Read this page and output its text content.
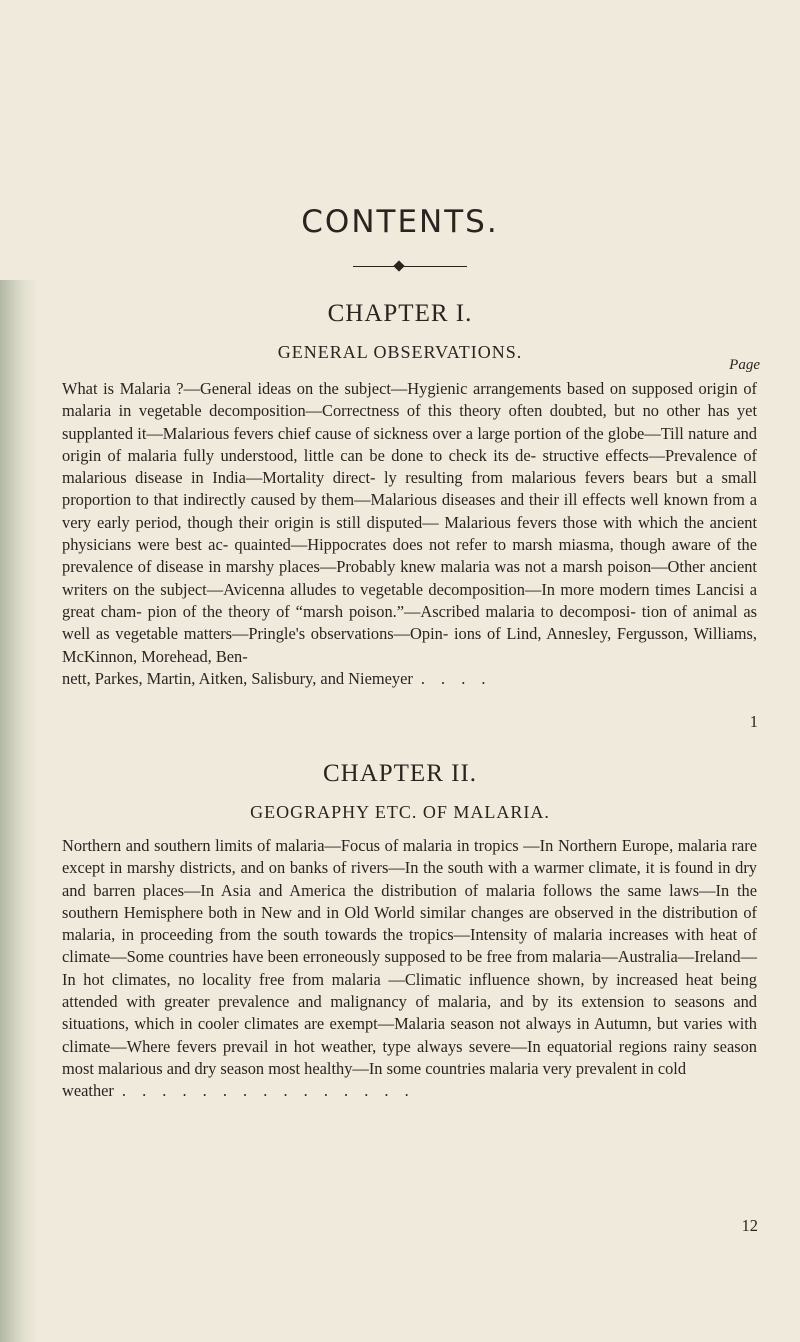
CONTENTS.
CHAPTER I.
GENERAL OBSERVATIONS.
Page
What is Malaria ?—General ideas on the subject—Hygienic arrangements based on supposed origin of malaria in vegetable decomposition—Correctness of this theory often doubted, but no other has yet supplanted it—Malarious fevers chief cause of sickness over a large portion of the globe—Till nature and origin of malaria fully understood, little can be done to check its de- structive effects—Prevalence of malarious disease in India—Mortality direct- ly resulting from malarious fevers bears but a small proportion to that indirectly caused by them—Malarious diseases and their ill effects well known from a very early period, though their origin is still disputed— Malarious fevers those with which the ancient physicians were best ac- quainted—Hippocrates does not refer to marsh miasma, though aware of the prevalence of disease in marshy places—Probably knew malaria was not a marsh poison—Other ancient writers on the subject—Avicenna alludes to vegetable decomposition—In more modern times Lancisi a great cham- pion of the theory of “marsh poison.”—Ascribed malaria to decomposi- tion of animal as well as vegetable matters—Pringle's observations—Opin- ions of Lind, Annesley, Fergusson, Williams, McKinnon, Morehead, Ben-
nett, Parkes, Martin, Aitken, Salisbury, and Niemeyer . . . .
1
CHAPTER II.
GEOGRAPHY ETC. OF MALARIA.
Northern and southern limits of malaria—Focus of malaria in tropics —In Northern Europe, malaria rare except in marshy districts, and on banks of rivers—In the south with a warmer climate, it is found in dry and barren places—In Asia and America the distribution of malaria follows the same laws—In the southern Hemisphere both in New and in Old World similar changes are observed in the distribution of malaria, in proceeding from the south towards the tropics—Intensity of malaria increases with heat of climate—Some countries have been erroneously supposed to be free from malaria—Australia—Ireland—In hot climates, no locality free from malaria —Climatic influence shown, by increased heat being attended with greater prevalence and malignancy of malaria, and by its extension to seasons and situations, which in cooler climates are exempt—Malaria season not always in Autumn, but varies with climate—Where fevers prevail in hot weather, type always severe—In equatorial regions rainy season most malarious and dry season most healthy—In some countries malaria very prevalent in cold
weather . . . . . . . . . . . . . . .
12
